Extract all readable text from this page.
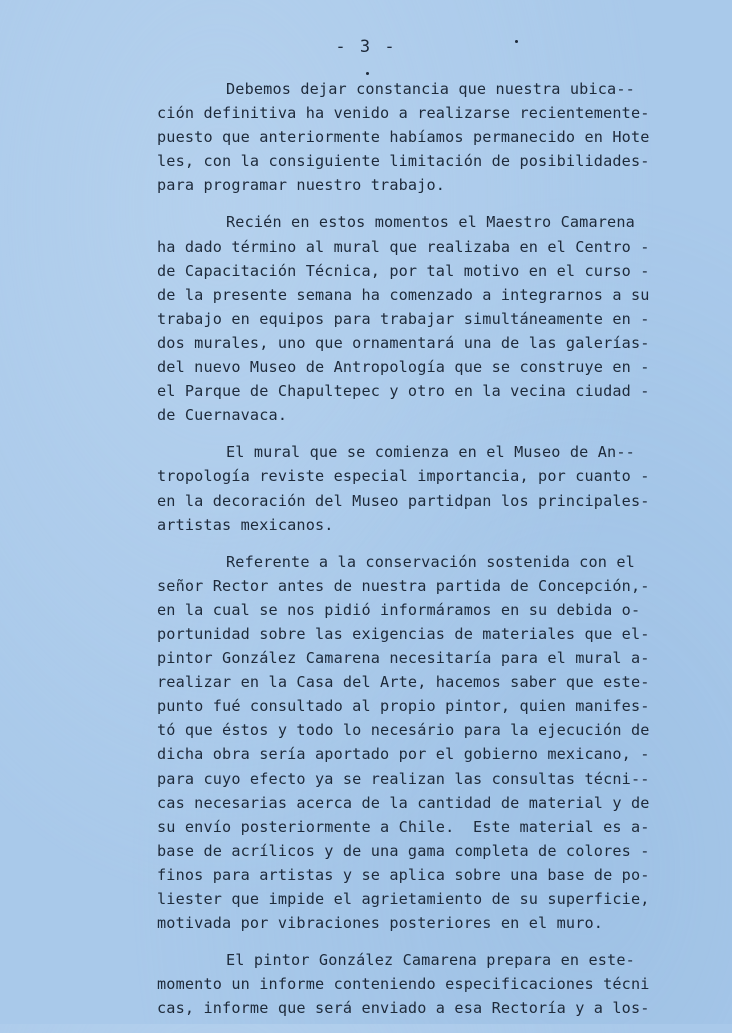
- 3 -
Debemos dejar constancia que nuestra ubica--
ción definitiva ha venido a realizarse recientemente-
puesto que anteriormente habíamos permanecido en Hote
les, con la consiguiente limitación de posibilidades-
para programar nuestro trabajo.
Recién en estos momentos el Maestro Camarena
ha dado término al mural que realizaba en el Centro -
de Capacitación Técnica, por tal motivo en el curso -
de la presente semana ha comenzado a integrarnos a su
trabajo en equipos para trabajar simultáneamente en -
dos murales, uno que ornamentará una de las galerías-
del nuevo Museo de Antropología que se construye en -
el Parque de Chapultepec y otro en la vecina ciudad -
de Cuernavaca.
El mural que se comienza en el Museo de An--
tropología reviste especial importancia, por cuanto -
en la decoración del Museo partidpan los principales-
artistas mexicanos.
Referente a la conservación sostenida con el
señor Rector antes de nuestra partida de Concepción,-
en la cual se nos pidió informáramos en su debida o-
portunidad sobre las exigencias de materiales que el-
pintor González Camarena necesitaría para el mural a-
realizar en la Casa del Arte, hacemos saber que este-
punto fué consultado al propio pintor, quien manifes-
tó que éstos y todo lo necesário para la ejecución de
dicha obra sería aportado por el gobierno mexicano, -
para cuyo efecto ya se realizan las consultas técni--
cas necesarias acerca de la cantidad de material y de
su envío posteriormente a Chile.  Este material es a-
base de acrílicos y de una gama completa de colores -
finos para artistas y se aplica sobre una base de po-
liester que impide el agrietamiento de su superficie,
motivada por vibraciones posteriores en el muro.
El pintor González Camarena prepara en este-
momento un informe conteniendo especificaciones técni
cas, informe que será enviado a esa Rectoría y a los-
